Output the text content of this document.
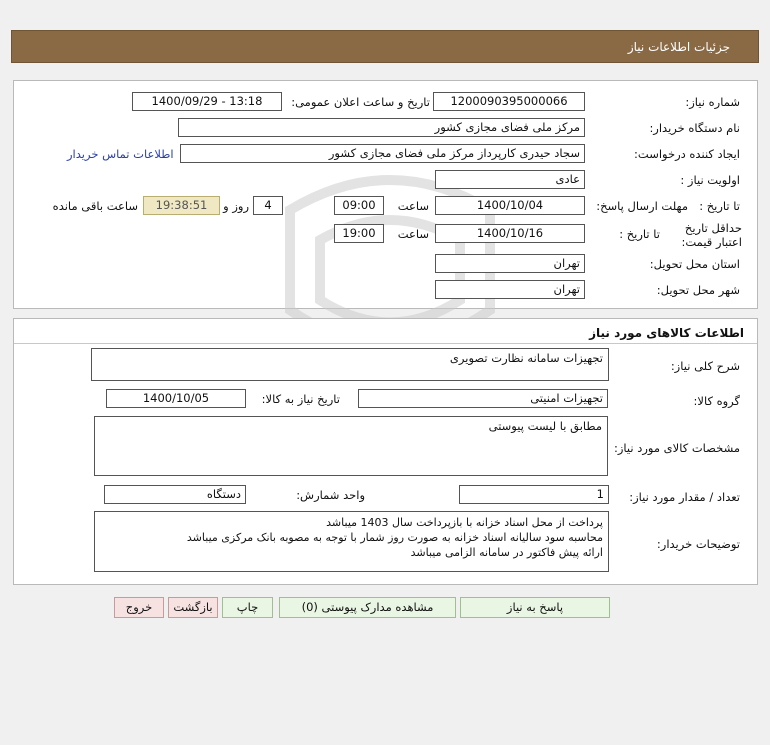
جزئیات اطلاعات نیاز
شماره نیاز:
1200090395000066
تاریخ و ساعت اعلان عمومی:
1400/09/29 - 13:18
نام دستگاه خریدار:
مرکز ملی فضای مجازی کشور
ایجاد کننده درخواست:
سجاد حیدری کارپرداز مرکز ملی فضای مجازی کشور
اطلاعات تماس خریدار
اولویت نیاز :
عادی
مهلت ارسال پاسخ: تا تاریخ :
1400/10/04
ساعت
09:00
4
روز و
19:38:51
ساعت باقی مانده
حداقل تاریخ اعتبار قیمت:
تا تاریخ :
1400/10/16
ساعت
19:00
استان محل تحویل:
تهران
شهر محل تحویل:
تهران
اطلاعات کالاهای مورد نیاز
شرح کلی نیاز:
تجهیزات سامانه نظارت تصویری
گروه کالا:
تجهیزات امنیتی
تاریخ نیاز به کالا:
1400/10/05
مشخصات کالای مورد نیاز:
مطابق با لیست پیوستی
تعداد / مقدار مورد نیاز:
1
واحد شمارش:
دستگاه
توضیحات خریدار:
پرداخت از محل اسناد خزانه با بازپرداخت سال 1403 میباشد
محاسبه سود سالیانه اسناد خزانه به صورت روز شمار با توجه به مصوبه بانک مرکزی میباشد
ارائه پیش فاکتور در سامانه الزامی میباشد
پاسخ به نیاز
مشاهده مدارک پیوستی (0)
چاپ
بازگشت
خروج
